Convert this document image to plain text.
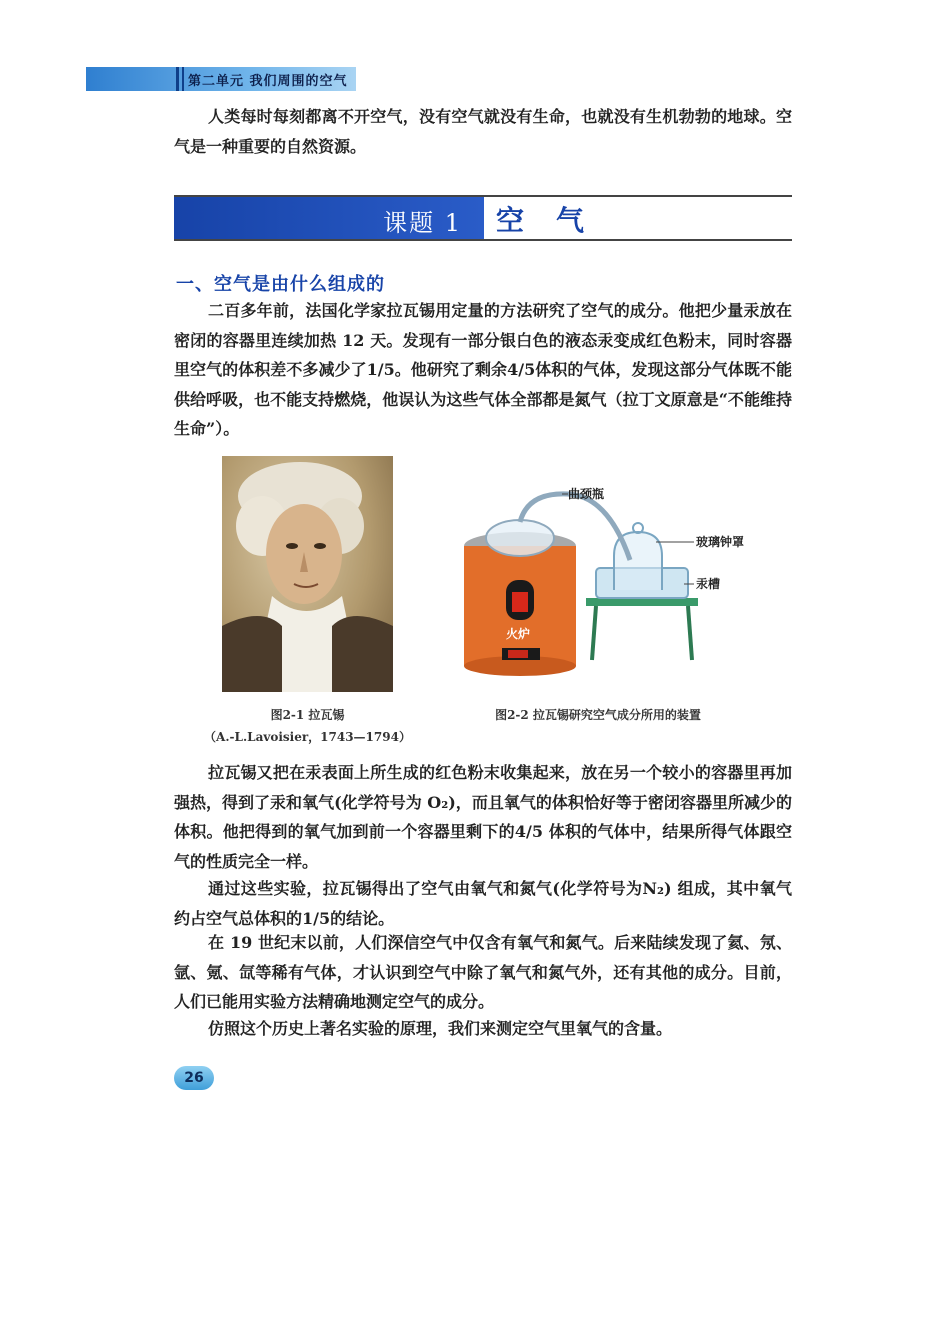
第二单元 我们周围的空气

人类每时每刻都离不开空气，没有空气就没有生命，也就没有生机勃勃的地球。空气是一种重要的自然资源。

课题 1 空气
一、空气是由什么组成的

二百多年前，法国化学家拉瓦锡用定量的方法研究了空气的成分。他把少量汞放在密闭的容器里连续加热 12 天。发现有一部分银白色的液态汞变成红色粉末，同时容器里空气的体积差不多减少了1/5。他研究了剩余4/5体积的气体，发现这部分气体既不能供给呼吸，也不能支持燃烧，他误认为这些气体全部都是氮气（拉丁文原意是“不能维持生命”）。

曲颈瓶
玻璃钟罩
汞槽
火炉
图2-1 拉瓦锡
（A.-L.Lavoisier，1743—1794）
图2-2 拉瓦锡研究空气成分所用的装置

拉瓦锡又把在汞表面上所生成的红色粉末收集起来，放在另一个较小的容器里再加强热，得到了汞和氧气(化学符号为 O₂)，而且氧气的体积恰好等于密闭容器里所减少的体积。他把得到的氧气加到前一个容器里剩下的4/5 体积的气体中，结果所得气体跟空气的性质完全一样。

通过这些实验，拉瓦锡得出了空气由氧气和氮气(化学符号为N₂) 组成，其中氧气约占空气总体积的1/5的结论。

在 19 世纪末以前，人们深信空气中仅含有氧气和氮气。后来陆续发现了氦、氖、氩、氪、氙等稀有气体，才认识到空气中除了氧气和氮气外，还有其他的成分。目前，人们已能用实验方法精确地测定空气的成分。

仿照这个历史上著名实验的原理，我们来测定空气里氧气的含量。

26
